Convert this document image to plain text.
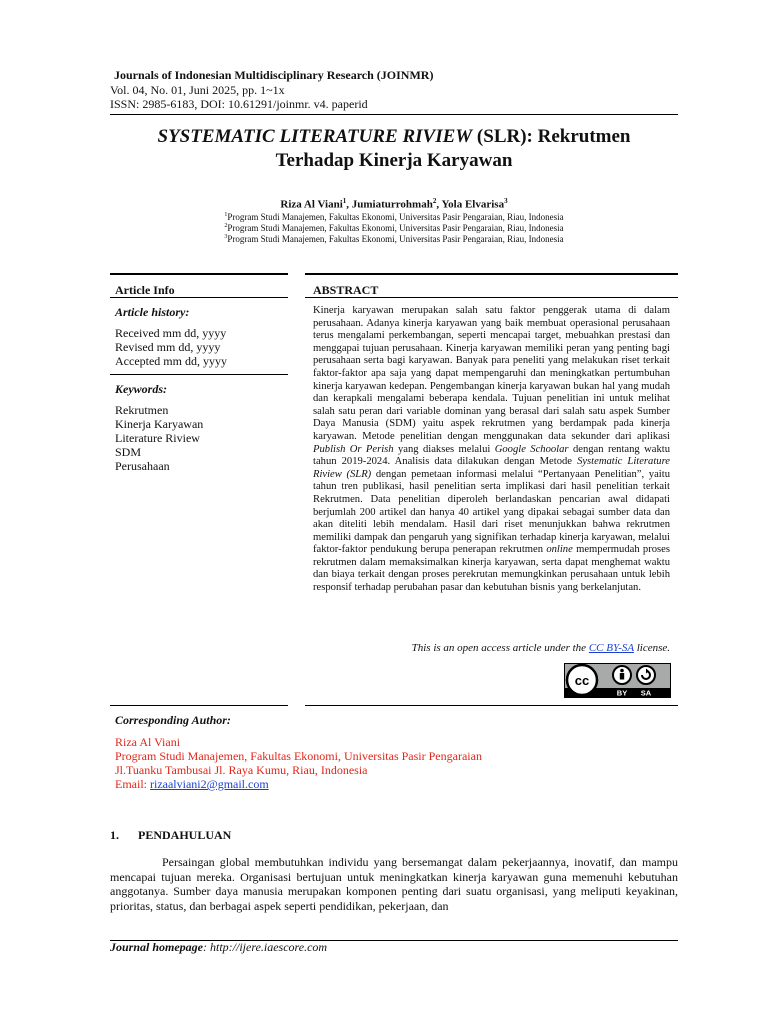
Journals of Indonesian Multidisciplinary Research (JOINMR)
Vol. 04, No. 01, Juni 2025, pp. 1~1x
ISSN: 2985-6183, DOI: 10.61291/joinmr. v4. paperid
SYSTEMATIC LITERATURE RIVIEW (SLR): Rekrutmen
Terhadap Kinerja Karyawan
Riza Al Viani$^1$, Jumiaturrohmah$^2$, Yola Elvarisa$^3$
$^1$Program Studi Manajemen, Fakultas Ekonomi, Universitas Pasir Pengaraian, Riau, Indonesia
$^2$Program Studi Manajemen, Fakultas Ekonomi, Universitas Pasir Pengaraian, Riau, Indonesia
$^3$Program Studi Manajemen, Fakultas Ekonomi, Universitas Pasir Pengaraian, Riau, Indonesia
Article Info	ABSTRACT
Article history:
Received mm dd, yyyy
Revised mm dd, yyyy
Accepted mm dd, yyyy
Keywords:
Rekrutmen
Kinerja Karyawan
Literature Riview
SDM
Perusahaan

Kinerja karyawan merupakan salah satu faktor penggerak utama di dalam perusahaan. Adanya kinerja karyawan yang baik membuat operasional perusahaan terus mengalami perkembangan, seperti mencapai target, mebuahkan prestasi dan menggapai tujuan perusahaan. Kinerja karyawan memiliki peran yang penting bagi perusahaan serta bagi karyawan. Banyak para peneliti yang melakukan riset terkait faktor-faktor apa saja yang dapat mempengaruhi dan meningkatkan pertumbuhan kinerja karyawan kedepan. Pengembangan kinerja karyawan bukan hal yang mudah dan kerapkali mengalami beberapa kendala. Tujuan penelitian ini untuk melihat salah satu peran dari variable dominan yang berasal dari salah satu aspek Sumber Daya Manusia (SDM) yaitu aspek rekrutmen yang berdampak pada kinerja karyawan. Metode penelitian dengan menggunakan data sekunder dari aplikasi Publish Or Perish yang diakses melalui Google Schoolar dengan rentang waktu tahun 2019-2024. Analisis data dilakukan dengan Metode Systematic Literature Riview (SLR) dengan pemetaan informasi melalui “Pertanyaan Penelitian”, yaitu tahun tren publikasi, hasil penelitian serta implikasi dari hasil penelitian terkait Rekrutmen. Data penelitian diperoleh berlandaskan pencarian awal didapati berjumlah 200 artikel dan hanya 40 artikel yang dipakai sebagai sumber data dan akan diteliti lebih mendalam. Hasil dari riset menunjukkan bahwa rekrutmen memiliki dampak dan pengaruh yang signifikan terhadap kinerja karyawan, melalui faktor-faktor pendukung berupa penerapan rekrutmen online mempermudah proses rekrutmen dalam memaksimalkan kinerja karyawan, serta dapat menghemat waktu dan biaya terkait dengan proses perekrutan memungkinkan perusahaan untuk lebih responsif terhadap perubahan pasar dan kebutuhan bisnis yang berkelanjutan.

This is an open access article under the CC BY-SA license.
cc
BY SA
Corresponding Author:
Riza Al Viani
Program Studi Manajemen, Fakultas Ekonomi, Universitas Pasir Pengaraian
Jl.Tuanku Tambusai Jl. Raya Kumu, Riau, Indonesia
Email: rizaalviani2@gmail.com
1. PENDAHULUAN

Persaingan global membutuhkan individu yang bersemangat dalam pekerjaannya, inovatif, dan mampu mencapai tujuan mereka. Organisasi bertujuan untuk meningkatkan kinerja karyawan guna memenuhi kebutuhan anggotanya. Sumber daya manusia merupakan komponen penting dari suatu organisasi, yang meliputi keyakinan, prioritas, status, dan berbagai aspek seperti pendidikan, pekerjaan, dan

Journal homepage: http://ijere.iaescore.com
